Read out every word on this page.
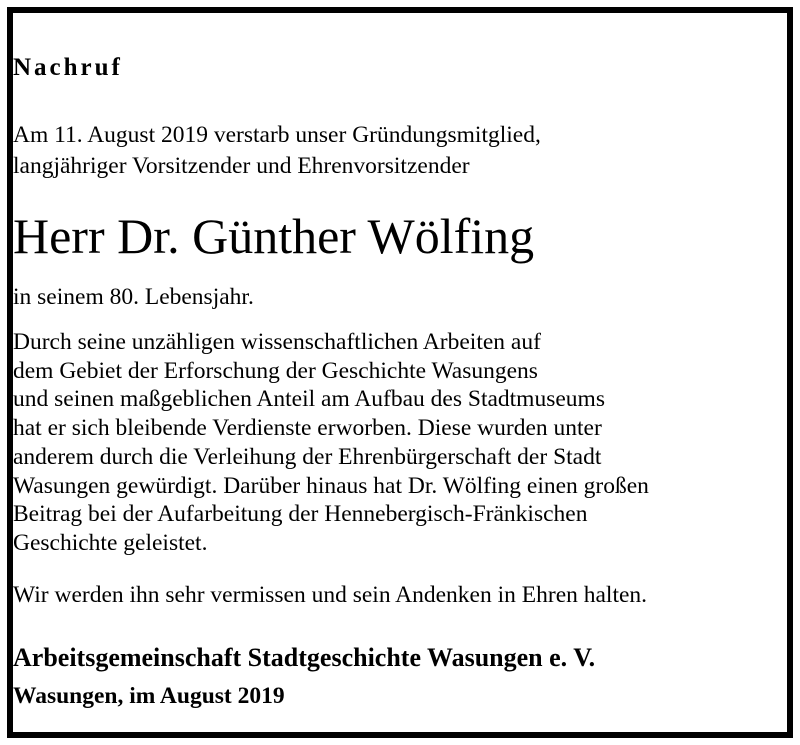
Nachruf
Am 11. August 2019 verstarb unser Gründungsmitglied,
langjähriger Vorsitzender und Ehrenvorsitzender
Herr Dr. Günther Wölfing
in seinem 80. Lebensjahr.
Durch seine unzähligen wissenschaftlichen Arbeiten auf
dem Gebiet der Erforschung der Geschichte Wasungens
und seinen maßgeblichen Anteil am Aufbau des Stadtmuseums
hat er sich bleibende Verdienste erworben. Diese wurden unter
anderem durch die Verleihung der Ehrenbürgerschaft der Stadt
Wasungen gewürdigt. Darüber hinaus hat Dr. Wölfing einen großen
Beitrag bei der Aufarbeitung der Hennebergisch-Fränkischen
Geschichte geleistet.
Wir werden ihn sehr vermissen und sein Andenken in Ehren halten.
Arbeitsgemeinschaft Stadtgeschichte Wasungen e. V.
Wasungen, im August 2019
